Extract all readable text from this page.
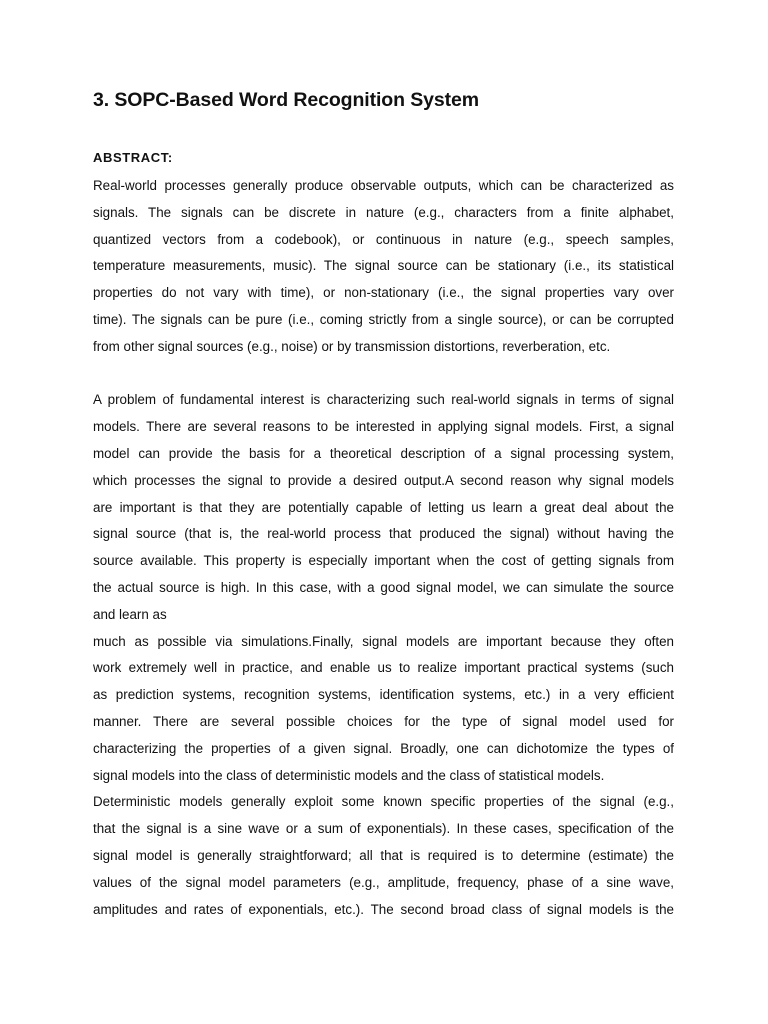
3. SOPC-Based Word Recognition System
ABSTRACT:
Real-world processes generally produce observable outputs, which can be characterized as
signals. The signals can be discrete in nature (e.g., characters from a finite alphabet,
quantized vectors from a codebook), or continuous in nature (e.g., speech samples,
temperature measurements, music). The signal source can be stationary (i.e., its statistical
properties do not vary with time), or non-stationary (i.e., the signal properties vary over
time). The signals can be pure (i.e., coming strictly from a single source), or can be corrupted
from other signal sources (e.g., noise) or by transmission distortions, reverberation, etc.
A problem of fundamental interest is characterizing such real-world signals in terms of signal
models. There are several reasons to be interested in applying signal models. First, a signal
model can provide the basis for a theoretical description of a signal processing system,
which processes the signal to provide a desired output.A second reason why signal models
are important is that they are potentially capable of letting us learn a great deal about the
signal source (that is, the real-world process that produced the signal) without having the
source available. This property is especially important when the cost of getting signals from
the actual source is high. In this case, with a good signal model, we can simulate the source
and learn as
much as possible via simulations.Finally, signal models are important because they often
work extremely well in practice, and enable us to realize important practical systems (such
as prediction systems, recognition systems, identification systems, etc.) in a very efficient
manner. There are several possible choices for the type of signal model used for
characterizing the properties of a given signal. Broadly, one can dichotomize the types of
signal models into the class of deterministic models and the class of statistical models.
Deterministic models generally exploit some known specific properties of the signal (e.g.,
that the signal is a sine wave or a sum of exponentials). In these cases, specification of the
signal model is generally straightforward; all that is required is to determine (estimate) the
values of the signal model parameters (e.g., amplitude, frequency, phase of a sine wave,
amplitudes and rates of exponentials, etc.). The second broad class of signal models is the
